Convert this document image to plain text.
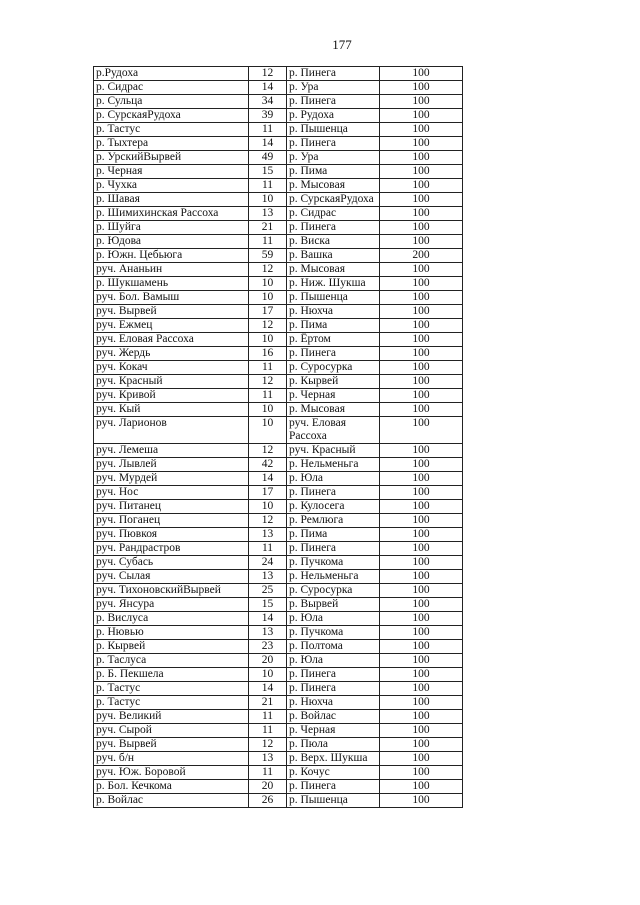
177
р.Рудоха	12	р. Пинега	100
р. Сидрас	14	р. Ура	100
р. Сульца	34	р. Пинега	100
р. СурскаяРудоха	39	р. Рудоха	100
р. Тастус	11	р. Пышенца	100
р. Тыхтера	14	р. Пинега	100
р. УрскийВырвей	49	р. Ура	100
р. Черная	15	р. Пима	100
р. Чухка	11	р. Мысовая	100
р. Шавая	10	р. СурскаяРудоха	100
р. Шимихинская Рассоха	13	р. Сидрас	100
р. Шуйга	21	р. Пинега	100
р. Юдова	11	р. Виска	100
р. Южн. Цебьюга	59	р. Вашка	200
руч. Ананьин	12	р. Мысовая	100
р. Шукшамень	10	р. Ниж. Шукша	100
руч. Бол. Вамыш	10	р. Пышенца	100
руч. Вырвей	17	р. Нюхча	100
руч. Ежмец	12	р. Пима	100
руч. Еловая Рассоха	10	р. Ёртом	100
руч. Жердь	16	р. Пинега	100
руч. Кокач	11	р. Суросурка	100
руч. Красный	12	р. Кырвей	100
руч. Кривой	11	р. Черная	100
руч. Кый	10	р. Мысовая	100
руч. Ларионов	10	руч. Еловая Рассоха	100
руч. Лемеша	12	руч. Красный	100
руч. Лывлей	42	р. Нельменьга	100
руч. Мурдей	14	р. Юла	100
руч. Нос	17	р. Пинега	100
руч. Питанец	10	р. Кулосега	100
руч. Поганец	12	р. Ремлюга	100
руч. Пювкоя	13	р. Пима	100
руч. Рандрастров	11	р. Пинега	100
руч. Субась	24	р. Пучкома	100
руч. Сылая	13	р. Нельменьга	100
руч. ТихоновскийВырвей	25	р. Суросурка	100
руч. Янсура	15	р. Вырвей	100
р. Вислуса	14	р. Юла	100
р. Нювью	13	р. Пучкома	100
р. Кырвей	23	р. Полтома	100
р. Таслуса	20	р. Юла	100
р. Б. Пекшела	10	р. Пинега	100
р. Тастус	14	р. Пинега	100
р. Тастус	21	р. Нюхча	100
руч. Великий	11	р. Войлас	100
руч. Сырой	11	р. Черная	100
руч. Вырвей	12	р. Пюла	100
руч. б/н	13	р. Верх. Шукша	100
руч. Юж. Боровой	11	р. Кочус	100
р. Бол. Кечкома	20	р. Пинега	100
р. Войлас	26	р. Пышенца	100
